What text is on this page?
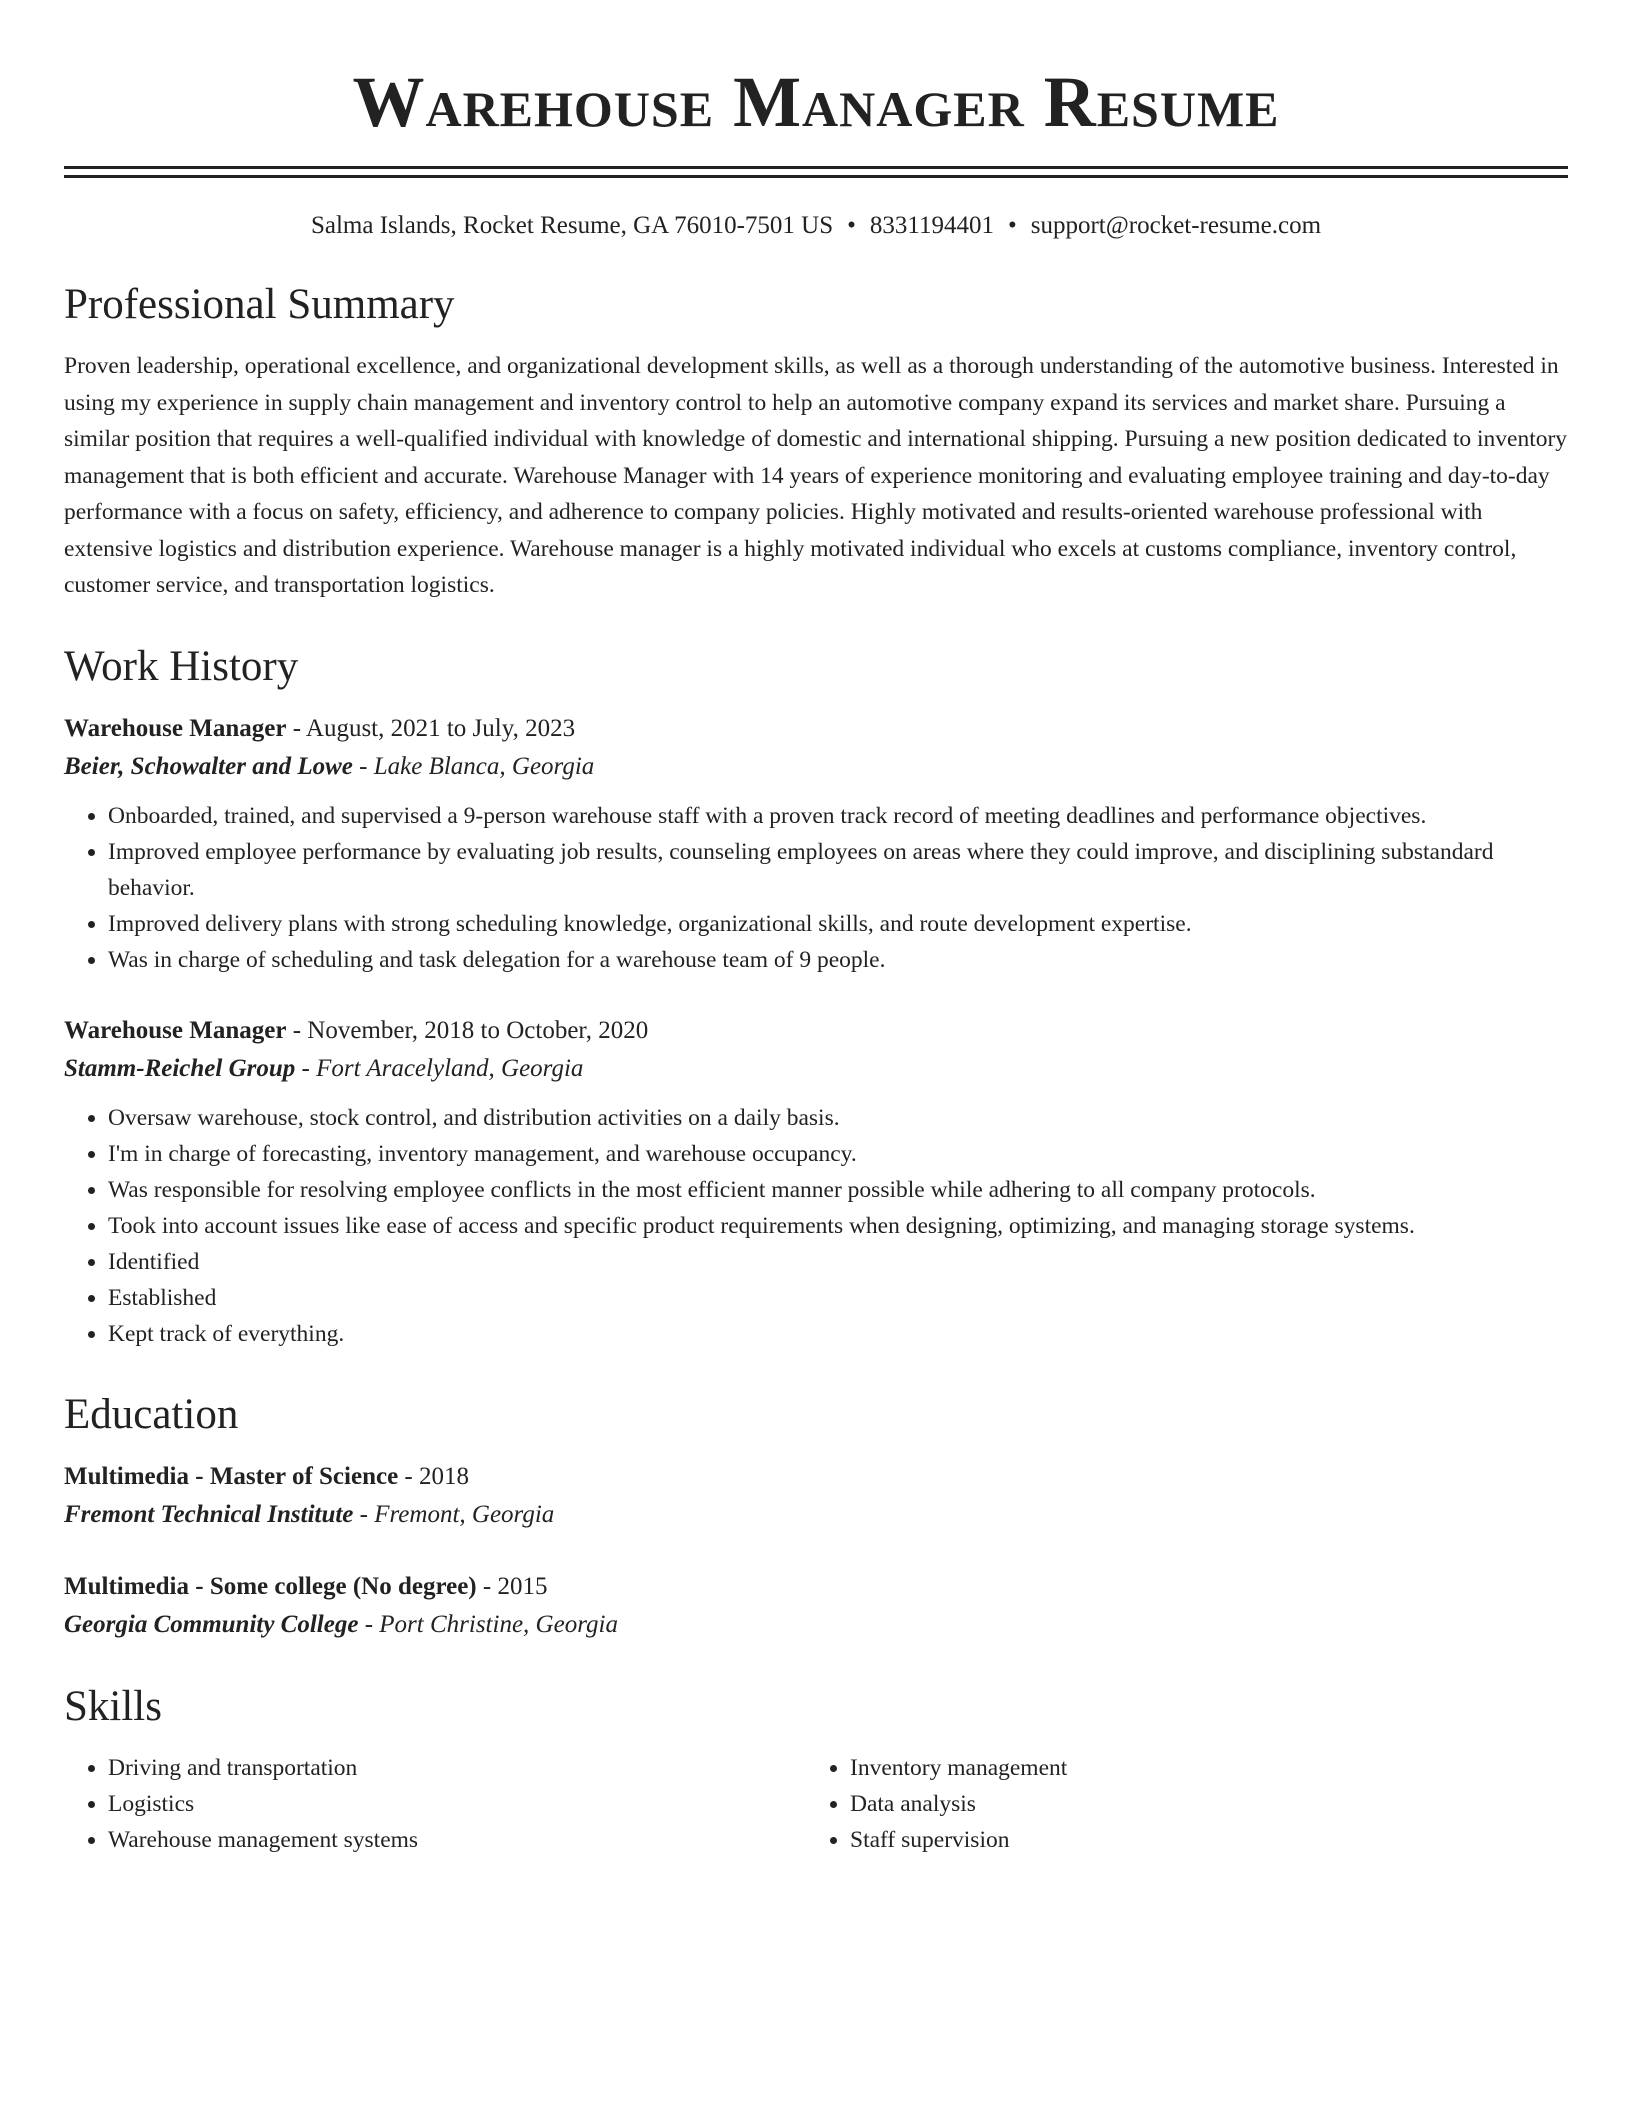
Warehouse Manager Resume
Salma Islands, Rocket Resume, GA 76010-7501 US • 8331194401 • support@rocket-resume.com
Professional Summary

Proven leadership, operational excellence, and organizational development skills, as well as a thorough understanding of the automotive business. Interested in using my experience in supply chain management and inventory control to help an automotive company expand its services and market share. Pursuing a similar position that requires a well-qualified individual with knowledge of domestic and international shipping. Pursuing a new position dedicated to inventory management that is both efficient and accurate. Warehouse Manager with 14 years of experience monitoring and evaluating employee training and day-to-day performance with a focus on safety, efficiency, and adherence to company policies. Highly motivated and results-oriented warehouse professional with extensive logistics and distribution experience. Warehouse manager is a highly motivated individual who excels at customs compliance, inventory control, customer service, and transportation logistics.

Work History
Warehouse Manager - August, 2021 to July, 2023
Beier, Schowalter and Lowe - Lake Blanca, Georgia
• Onboarded, trained, and supervised a 9-person warehouse staff with a proven track record of meeting deadlines and performance objectives.
• Improved employee performance by evaluating job results, counseling employees on areas where they could improve, and disciplining substandard behavior.
• Improved delivery plans with strong scheduling knowledge, organizational skills, and route development expertise.
• Was in charge of scheduling and task delegation for a warehouse team of 9 people.
Warehouse Manager - November, 2018 to October, 2020
Stamm-Reichel Group - Fort Aracelyland, Georgia
• Oversaw warehouse, stock control, and distribution activities on a daily basis.
• I'm in charge of forecasting, inventory management, and warehouse occupancy.
• Was responsible for resolving employee conflicts in the most efficient manner possible while adhering to all company protocols.
• Took into account issues like ease of access and specific product requirements when designing, optimizing, and managing storage systems.
• Identified
• Established
• Kept track of everything.
Education
Multimedia - Master of Science - 2018
Fremont Technical Institute - Fremont, Georgia
Multimedia - Some college (No degree) - 2015
Georgia Community College - Port Christine, Georgia
Skills
• Driving and transportation
• Logistics
• Warehouse management systems
• Inventory management
• Data analysis
• Staff supervision
